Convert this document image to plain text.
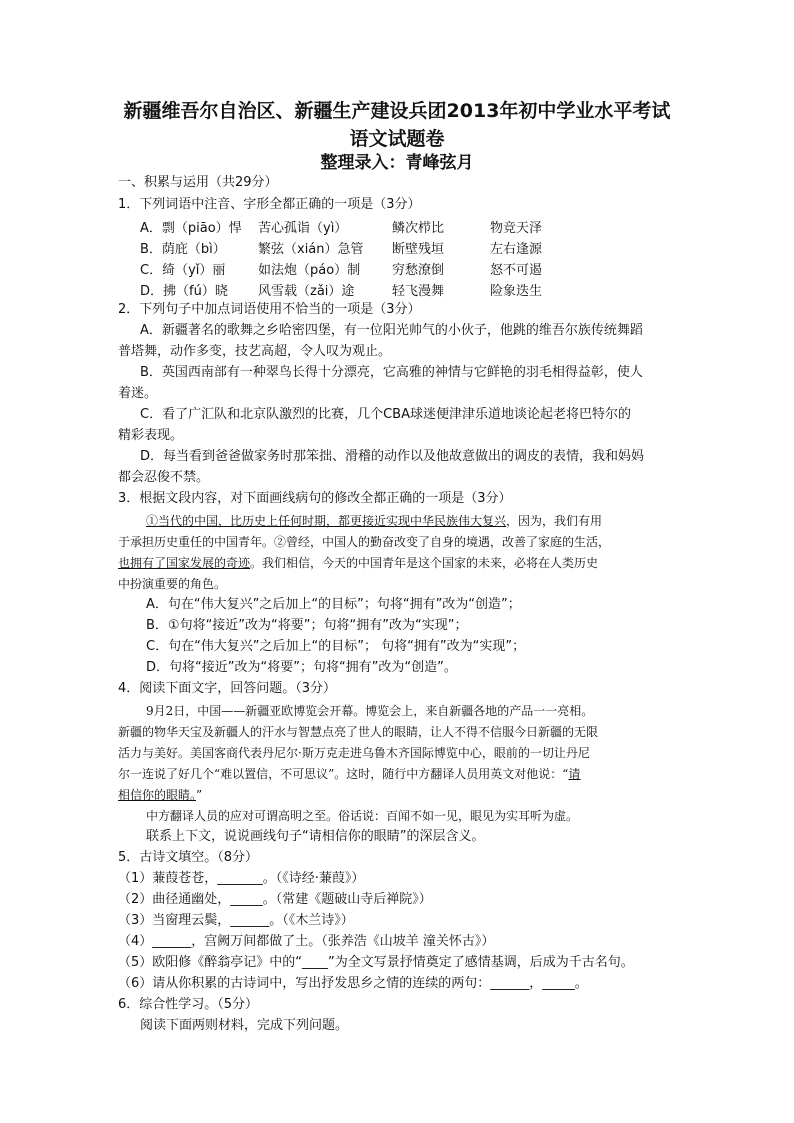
新疆维吾尔自治区、新疆生产建设兵团2013年初中学业水平考试
语文试题卷
整理录入：青峰弦月
一、积累与运用（共29分）
1．下列词语中注音、字形全都正确的一项是（3分）
A．剽（piāo）悍 苦心孤诣（yì）	鳞次栉比	物竞天泽
B．荫庇（bì） 繁弦（xián）急管 断壁残垣	左右逢源
C．绮（yǐ）丽	如法炮（páo）制 穷愁潦倒	怒不可遏
D．拂（fú）晓 风雪载（zǎi）途	轻飞漫舞	险象迭生
2．下列句子中加点词语使用不恰当的一项是（3分）
A．新疆著名的歌舞之乡哈密四堡，有一位阳光帅气的小伙子，他跳的维吾尔族传统舞蹈
普塔舞，动作多变，技艺高超，令人叹为观止。
B．英国西南部有一种翠鸟长得十分漂亮，它高雅的神情与它鲜艳的羽毛相得益彰，使人
着迷。
C．看了广汇队和北京队激烈的比赛，几个CBA球迷便津津乐道地谈论起老将巴特尔的
精彩表现。
D．每当看到爸爸做家务时那笨拙、滑稽的动作以及他故意做出的调皮的表情，我和妈妈
都会忍俊不禁。
3．根据文段内容，对下面画线病句的修改全都正确的一项是（3分）
①当代的中国，比历史上任何时期，都更接近实现中华民族伟大复兴，因为，我们有用
于承担历史重任的中国青年。②曾经，中国人的勤奋改变了自身的境遇，改善了家庭的生活，
也拥有了国家发展的奇迹。我们相信，今天的中国青年是这个国家的未来，必将在人类历史
中扮演重要的角色。
A．句在“伟大复兴”之后加上“的目标”；句将“拥有”改为“创造”；
B．①句将“接近”改为“将要”；句将“拥有”改为“实现”；
C．句在“伟大复兴”之后加上“的目标”； 句将“拥有”改为“实现”；
D．句将“接近”改为“将要”；句将“拥有”改为“创造”。
4．阅读下面文字，回答问题。（3分）
9月2日，中国——新疆亚欧博览会开幕。博览会上，来自新疆各地的产品一一亮相。
新疆的物华天宝及新疆人的汗水与智慧点亮了世人的眼睛，让人不得不信服今日新疆的无限
活力与美好。美国客商代表丹尼尔·斯万克走进乌鲁木齐国际博览中心，眼前的一切让丹尼
尔一连说了好几个“难以置信，不可思议”。这时，随行中方翻译人员用英文对他说：“请
相信你的眼睛。”
中方翻译人员的应对可谓高明之至。俗话说：百闻不如一见，眼见为实耳听为虚。
联系上下文，说说画线句子“请相信你的眼睛”的深层含义。
5．古诗文填空。（8分）
（1）蒹葭苍苍，_______。（《诗经·蒹葭》）
（2）曲径通幽处，_____。（常建《题破山寺后禅院》）
（3）当窗理云鬓，______。（《木兰诗》）
（4）______，宫阙万间都做了土。（张养浩《山坡羊 潼关怀古》）
（5）欧阳修《醉翁亭记》中的“____”为全文写景抒情奠定了感情基调，后成为千古名句。
（6）请从你积累的古诗词中，写出抒发思乡之情的连续的两句：______，_____。
6．综合性学习。（5分）
阅读下面两则材料，完成下列问题。
